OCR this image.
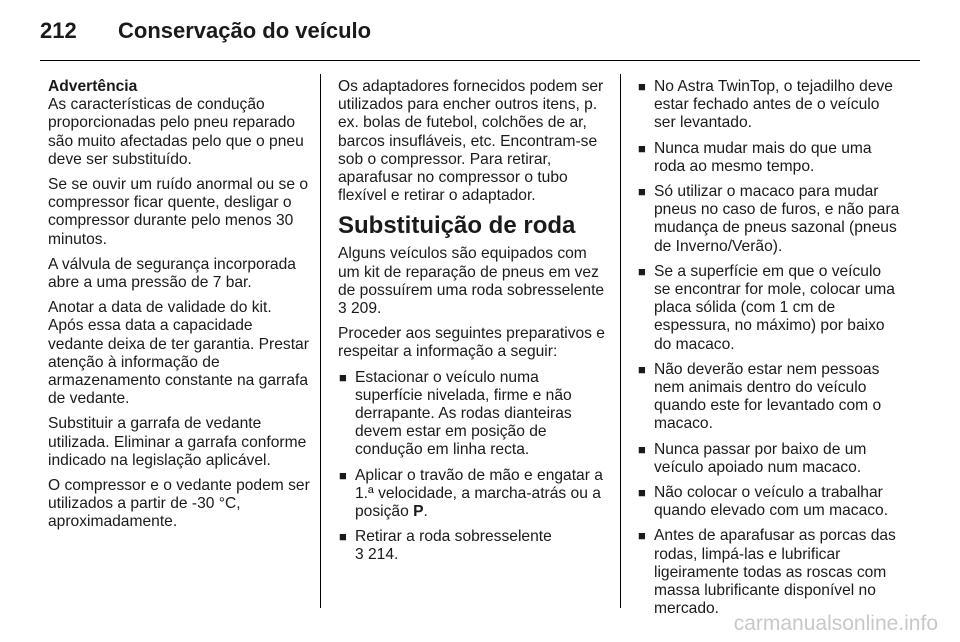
212 Conservação do veículo

Advertência

As características de condução proporcionadas pelo pneu reparado são muito afectadas pelo que o pneu deve ser substituído.

Se se ouvir um ruído anormal ou se o compressor ficar quente, desligar o compressor durante pelo menos 30 minutos.

A válvula de segurança incorporada abre a uma pressão de 7 bar.

Anotar a data de validade do kit. Após essa data a capacidade vedante deixa de ter garantia. Prestar atenção à informação de armazenamento constante na garrafa de vedante.

Substituir a garrafa de vedante utilizada. Eliminar a garrafa conforme indicado na legislação aplicável.

O compressor e o vedante podem ser utilizados a partir de -30 °C, aproximadamente.

Os adaptadores fornecidos podem ser utilizados para encher outros itens, p. ex. bolas de futebol, colchões de ar, barcos insufláveis, etc. Encontram-se sob o compressor. Para retirar, aparafusar no compressor o tubo flexível e retirar o adaptador.

Substituição de roda

Alguns veículos são equipados com um kit de reparação de pneus em vez de possuírem uma roda sobresselente 3 209.

Proceder aos seguintes preparativos e respeitar a informação a seguir:

■ Estacionar o veículo numa superfície nivelada, firme e não derrapante. As rodas dianteiras devem estar em posição de condução em linha recta.
■ Aplicar o travão de mão e engatar a 1.ª velocidade, a marcha-atrás ou a posição P.
■ Retirar a roda sobresselente
3 214.
■ No Astra TwinTop, o tejadilho deve estar fechado antes de o veículo ser levantado.
■ Nunca mudar mais do que uma roda ao mesmo tempo.
■ Só utilizar o macaco para mudar pneus no caso de furos, e não para mudança de pneus sazonal (pneus de Inverno/Verão).
■ Se a superfície em que o veículo se encontrar for mole, colocar uma placa sólida (com 1 cm de espessura, no máximo) por baixo do macaco.
■ Não deverão estar nem pessoas nem animais dentro do veículo quando este for levantado com o macaco.
■ Nunca passar por baixo de um veículo apoiado num macaco.
■ Não colocar o veículo a trabalhar quando elevado com um macaco.
■ Antes de aparafusar as porcas das rodas, limpá-las e lubrificar ligeiramente todas as roscas com massa lubrificante disponível no mercado.
carmanualsonline.info
